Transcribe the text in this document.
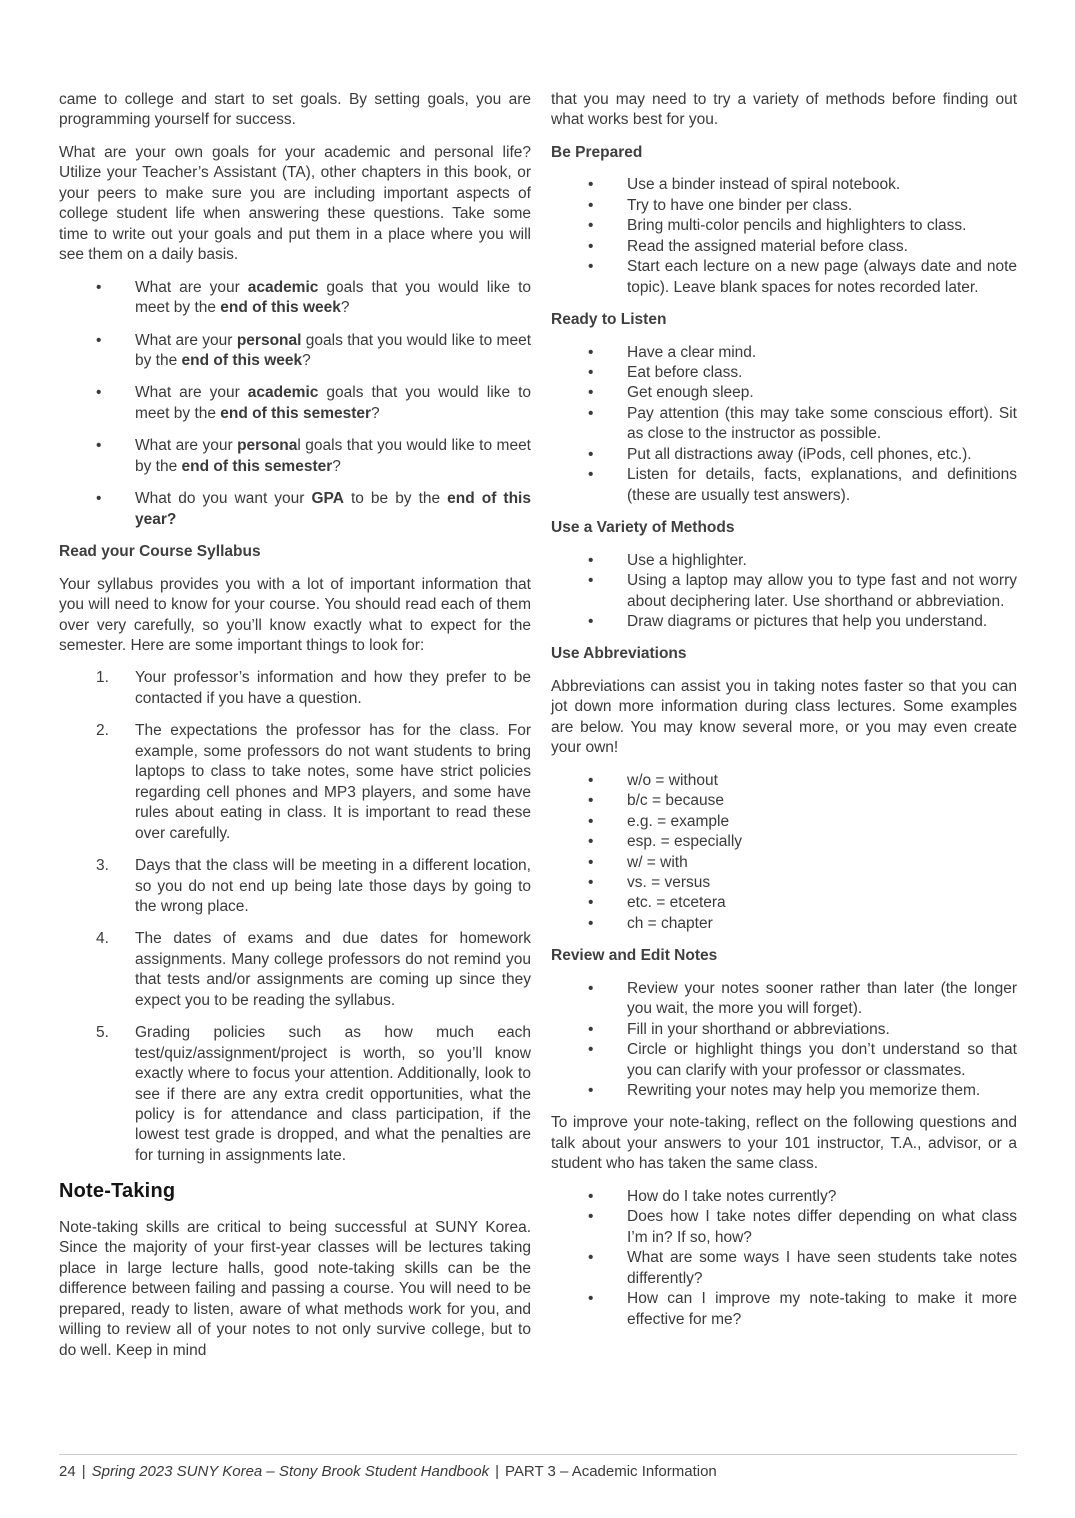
came to college and start to set goals. By setting goals, you are programming yourself for success.

What are your own goals for your academic and personal life? Utilize your Teacher’s Assistant (TA), other chapters in this book, or your peers to make sure you are including important aspects of college student life when answering these questions. Take some time to write out your goals and put them in a place where you will see them on a daily basis.

•	What are your academic goals that you would like to meet by the end of this week?
•	What are your personal goals that you would like to meet by the end of this week?
•	What are your academic goals that you would like to meet by the end of this semester?
•	What are your personal goals that you would like to meet by the end of this semester?
•	What do you want your GPA to be by the end of this year?
Read your Course Syllabus

Your syllabus provides you with a lot of important information that you will need to know for your course. You should read each of them over very carefully, so you’ll know exactly what to expect for the semester. Here are some important things to look for:

1.	Your professor’s information and how they prefer to be contacted if you have a question.
2.	The expectations the professor has for the class. For example, some professors do not want students to bring laptops to class to take notes, some have strict policies regarding cell phones and MP3 players, and some have rules about eating in class. It is important to read these over carefully.
3.	Days that the class will be meeting in a different location, so you do not end up being late those days by going to the wrong place.
4.	The dates of exams and due dates for homework assignments. Many college professors do not remind you that tests and/or assignments are coming up since they expect you to be reading the syllabus.
5.	Grading policies such as how much each test/quiz/assignment/project is worth, so you’ll know exactly where to focus your attention. Additionally, look to see if there are any extra credit opportunities, what the policy is for attendance and class participation, if the lowest test grade is dropped, and what the penalties are for turning in assignments late.
Note-Taking

Note-taking skills are critical to being successful at SUNY Korea. Since the majority of your first-year classes will be lectures taking place in large lecture halls, good note-taking skills can be the difference between failing and passing a course. You will need to be prepared, ready to listen, aware of what methods work for you, and willing to review all of your notes to not only survive college, but to do well. Keep in mind

that you may need to try a variety of methods before finding out what works best for you.

Be Prepared
•	Use a binder instead of spiral notebook.
•	Try to have one binder per class.
•	Bring multi-color pencils and highlighters to class.
•	Read the assigned material before class.
•	Start each lecture on a new page (always date and note topic). Leave blank spaces for notes recorded later.
Ready to Listen
•	Have a clear mind.
•	Eat before class.
•	Get enough sleep.
•	Pay attention (this may take some conscious effort). Sit as close to the instructor as possible.
•	Put all distractions away (iPods, cell phones, etc.).
•	Listen for details, facts, explanations, and definitions (these are usually test answers).
Use a Variety of Methods
•	Use a highlighter.
•	Using a laptop may allow you to type fast and not worry about deciphering later. Use shorthand or abbreviation.
•	Draw diagrams or pictures that help you understand.
Use Abbreviations

Abbreviations can assist you in taking notes faster so that you can jot down more information during class lectures. Some examples are below. You may know several more, or you may even create your own!

•	w/o = without
•	b/c = because
•	e.g. = example
•	esp. = especially
•	w/ = with
•	vs. = versus
•	etc. = etcetera
•	ch = chapter
Review and Edit Notes
•	Review your notes sooner rather than later (the longer you wait, the more you will forget).
•	Fill in your shorthand or abbreviations.
•	Circle or highlight things you don’t understand so that you can clarify with your professor or classmates.
•	Rewriting your notes may help you memorize them.

To improve your note-taking, reflect on the following questions and talk about your answers to your 101 instructor, T.A., advisor, or a student who has taken the same class.

•	How do I take notes currently?
•	Does how I take notes differ depending on what class I’m in? If so, how?
•	What are some ways I have seen students take notes differently?
•	How can I improve my note-taking to make it more effective for me?
24 | Spring 2023 SUNY Korea – Stony Brook Student Handbook | PART 3 – Academic Information
